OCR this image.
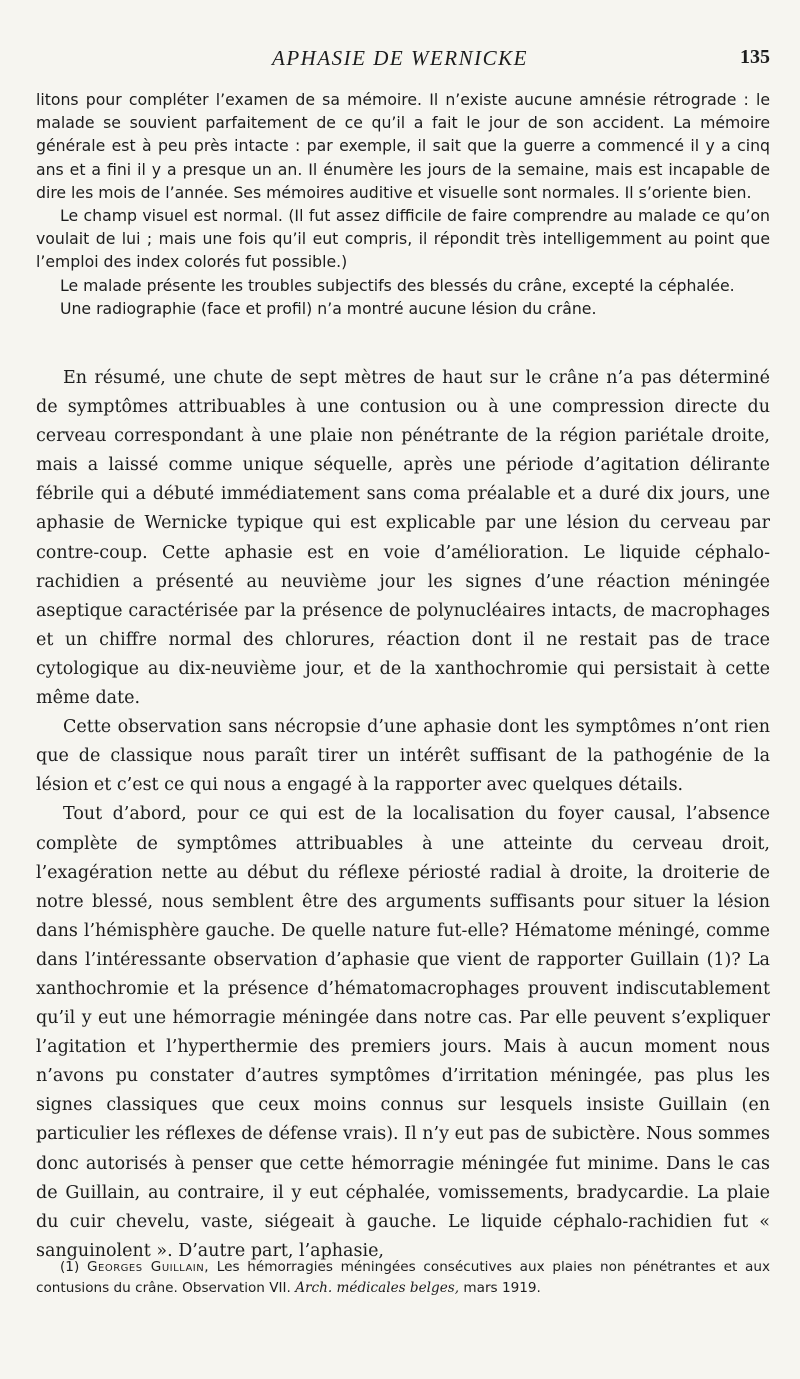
APHASIE DE WERNICKE	135

litons pour compléter l’examen de sa mémoire. Il n’existe aucune amnésie rétrograde : le malade se souvient parfaitement de ce qu’il a fait le jour de son accident. La mémoire générale est à peu près intacte : par exemple, il sait que la guerre a commencé il y a cinq ans et a fini il y a presque un an. Il énumère les jours de la semaine, mais est incapable de dire les mois de l’année. Ses mémoires auditive et visuelle sont normales. Il s’oriente bien.

Le champ visuel est normal. (Il fut assez difficile de faire comprendre au malade ce qu’on voulait de lui ; mais une fois qu’il eut compris, il répondit très intelligemment au point que l’emploi des index colorés fut possible.)

Le malade présente les troubles subjectifs des blessés du crâne, excepté la céphalée.

Une radiographie (face et profil) n’a montré aucune lésion du crâne.

En résumé, une chute de sept mètres de haut sur le crâne n’a pas déterminé de symptômes attribuables à une contusion ou à une compression directe du cerveau correspondant à une plaie non pénétrante de la région pariétale droite, mais a laissé comme unique séquelle, après une période d’agitation délirante fébrile qui a débuté immédiatement sans coma préalable et a duré dix jours, une aphasie de Wernicke typique qui est explicable par une lésion du cerveau par contre-coup. Cette aphasie est en voie d’amélioration. Le liquide céphalo-rachidien a présenté au neuvième jour les signes d’une réaction méningée aseptique caractérisée par la présence de polynucléaires intacts, de macrophages et un chiffre normal des chlorures, réaction dont il ne restait pas de trace cytologique au dix-neuvième jour, et de la xanthochromie qui persistait à cette même date.

Cette observation sans nécropsie d’une aphasie dont les symptômes n’ont rien que de classique nous paraît tirer un intérêt suffisant de la pathogénie de la lésion et c’est ce qui nous a engagé à la rapporter avec quelques détails.

Tout d’abord, pour ce qui est de la localisation du foyer causal, l’absence complète de symptômes attribuables à une atteinte du cerveau droit, l’exagération nette au début du réflexe périosté radial à droite, la droiterie de notre blessé, nous semblent être des arguments suffisants pour situer la lésion dans l’hémisphère gauche. De quelle nature fut-elle? Hématome méningé, comme dans l’intéressante observation d’aphasie que vient de rapporter Guillain (1)? La xanthochromie et la présence d’hématomacrophages prouvent indiscutablement qu’il y eut une hémorragie méningée dans notre cas. Par elle peuvent s’expliquer l’agitation et l’hyperthermie des premiers jours. Mais à aucun moment nous n’avons pu constater d’autres symptômes d’irritation méningée, pas plus les signes classiques que ceux moins connus sur lesquels insiste Guillain (en particulier les réflexes de défense vrais). Il n’y eut pas de subictère. Nous sommes donc autorisés à penser que cette hémorragie méningée fut minime. Dans le cas de Guillain, au contraire, il y eut céphalée, vomissements, bradycardie. La plaie du cuir chevelu, vaste, siégeait à gauche. Le liquide céphalo-rachidien fut « sanguinolent ». D’autre part, l’aphasie,

(1) Georges Guillain, Les hémorragies méningées consécutives aux plaies non pénétrantes et aux contusions du crâne. Observation VII. Arch. médicales belges, mars 1919.
